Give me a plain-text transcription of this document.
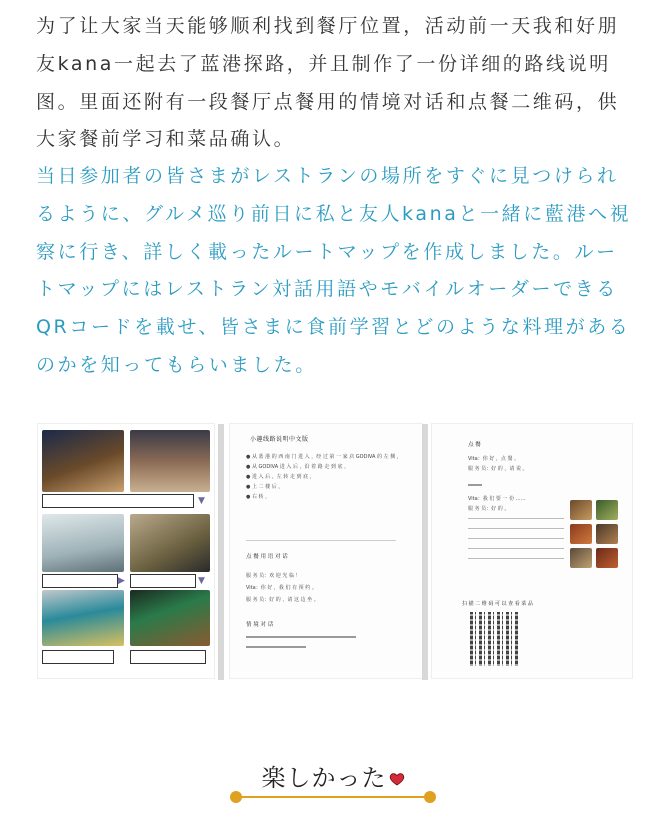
为了让大家当天能够顺利找到餐厅位置，活动前一天我和好朋友kana一起去了蓝港探路，并且制作了一份详细的路线说明图。里面还附有一段餐厅点餐用的情境对话和点餐二维码，供大家餐前学习和菜品确认。

当日参加者の皆さまがレストランの場所をすぐに見つけられるように、グルメ巡り前日に私と友人kanaと一緒に藍港へ視察に行き、詳しく載ったルートマップを作成しました。ルートマップにはレストラン対話用語やモバイルオーダーできるQRコードを載せ、皆さまに食前学習とどのような料理があるのかを知ってもらいました。

▼
▶	▼
小趣线路说明中文版
● 从 蓝 港 的 西 南 门 进 入 ，经 过 第 一 家 店 GODIVA 的 左 侧 ，
● 从 GODIVA 进 入 后 ，沿 着 路 走 到 底 ，
● 进 入 后 ，左 转 走 到 底 ，
● 上 二 楼 后 ，
● 右 转 ，
点 餐 用 语 对 话
服 务 员：欢 迎 光 临 ！
Vita：你 好 ，我 们 有 预 约 。
服 务 员：好 的 ，请 这 边 坐 。
情 境 对 话
点 餐
Vita：你 好 ，点 餐 。
服 务 员：好 的 ，请 说 。
Vita：我 们 要 一 份 ……
服 务 员：好 的 。
扫 描 二 维 码 可 以 查 看 菜 品
楽しかった
